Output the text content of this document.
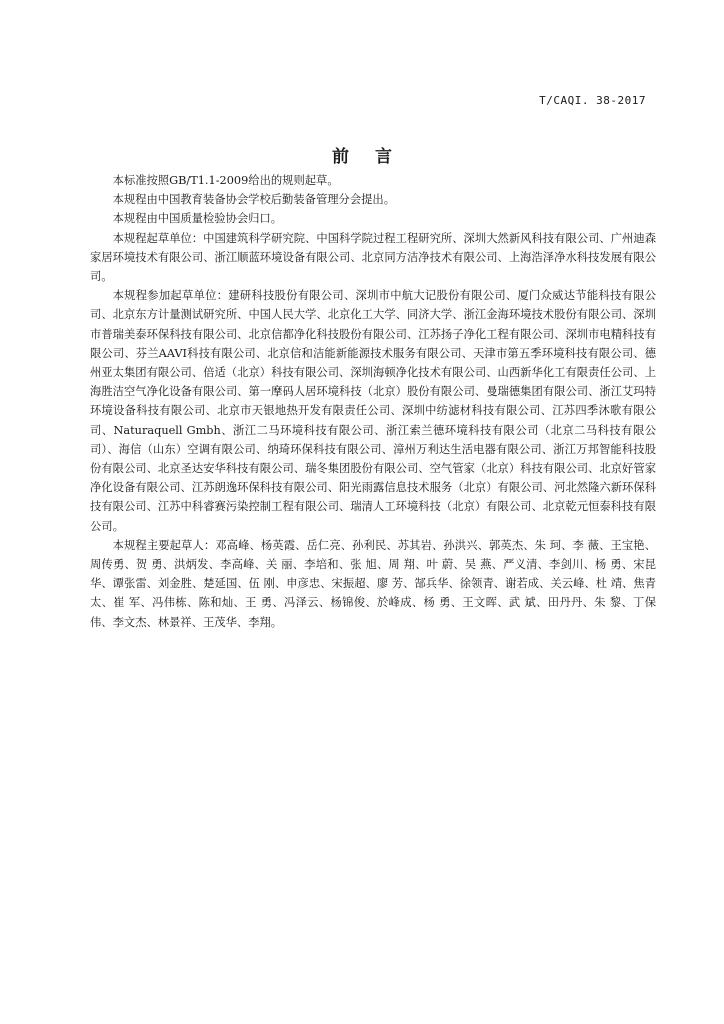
T/CAQI. 38-2017
前言

本标准按照GB/T1.1-2009给出的规则起草。

本规程由中国教育装备协会学校后勤装备管理分会提出。

本规程由中国质量检验协会归口。

本规程起草单位：中国建筑科学研究院、中国科学院过程工程研究所、深圳大然新风科技有限公司、广州迪森家居环境技术有限公司、浙江顺蓝环境设备有限公司、北京同方洁净技术有限公司、上海浩泽净水科技发展有限公司。

本规程参加起草单位：建研科技股份有限公司、深圳市中航大记股份有限公司、厦门众威达节能科技有限公司、北京东方计量测试研究所、中国人民大学、北京化工大学、同济大学、浙江金海环境技术股份有限公司、深圳市普瑞美泰环保科技有限公司、北京信都净化科技股份有限公司、江苏扬子净化工程有限公司、深圳市电精科技有限公司、芬兰AAVI科技有限公司、北京信和洁能新能源技术服务有限公司、天津市第五季环境科技有限公司、德州亚太集团有限公司、倍适（北京）科技有限公司、深圳海顿净化技术有限公司、山西新华化工有限责任公司、上海胜洁空气净化设备有限公司、第一摩码人居环境科技（北京）股份有限公司、曼瑞德集团有限公司、浙江艾玛特环境设备科技有限公司、北京市天银地热开发有限责任公司、深圳中纺滤材科技有限公司、江苏四季沐歌有限公司、Naturaquell Gmbh、浙江二马环境科技有限公司、浙江索兰德环境科技有限公司（北京二马科技有限公司）、海信（山东）空调有限公司、纳琦环保科技有限公司、漳州万利达生活电器有限公司、浙江万邦智能科技股份有限公司、北京圣达安华科技有限公司、瑞冬集团股份有限公司、空气管家（北京）科技有限公司、北京好管家净化设备有限公司、江苏朗逸环保科技有限公司、阳光雨露信息技术服务（北京）有限公司、河北然隆六新环保科技有限公司、江苏中科睿赛污染控制工程有限公司、瑞清人工环境科技（北京）有限公司、北京乾元恒泰科技有限公司。

本规程主要起草人：邓高峰、杨英霞、岳仁亮、孙利民、苏其岩、孙洪兴、郭英杰、朱 珂、李 薇、王宝艳、周传勇、贺 勇、洪炳发、李高峰、关 丽、李培和、张 旭、周 翔、叶 蔚、吴 燕、严义清、李剑川、杨 勇、宋昆华、谭张雷、刘金胜、楚延国、伍 刚、申彦忠、宋振超、廖 芳、郜兵华、徐领青、谢若成、关云峰、杜 靖、焦青太、崔 军、冯伟栋、陈和灿、王 勇、冯泽云、杨锦俊、於峰成、杨 勇、王文晖、武 斌、田丹丹、朱 黎、丁保伟、李文杰、林景祥、王茂华、李翔。
